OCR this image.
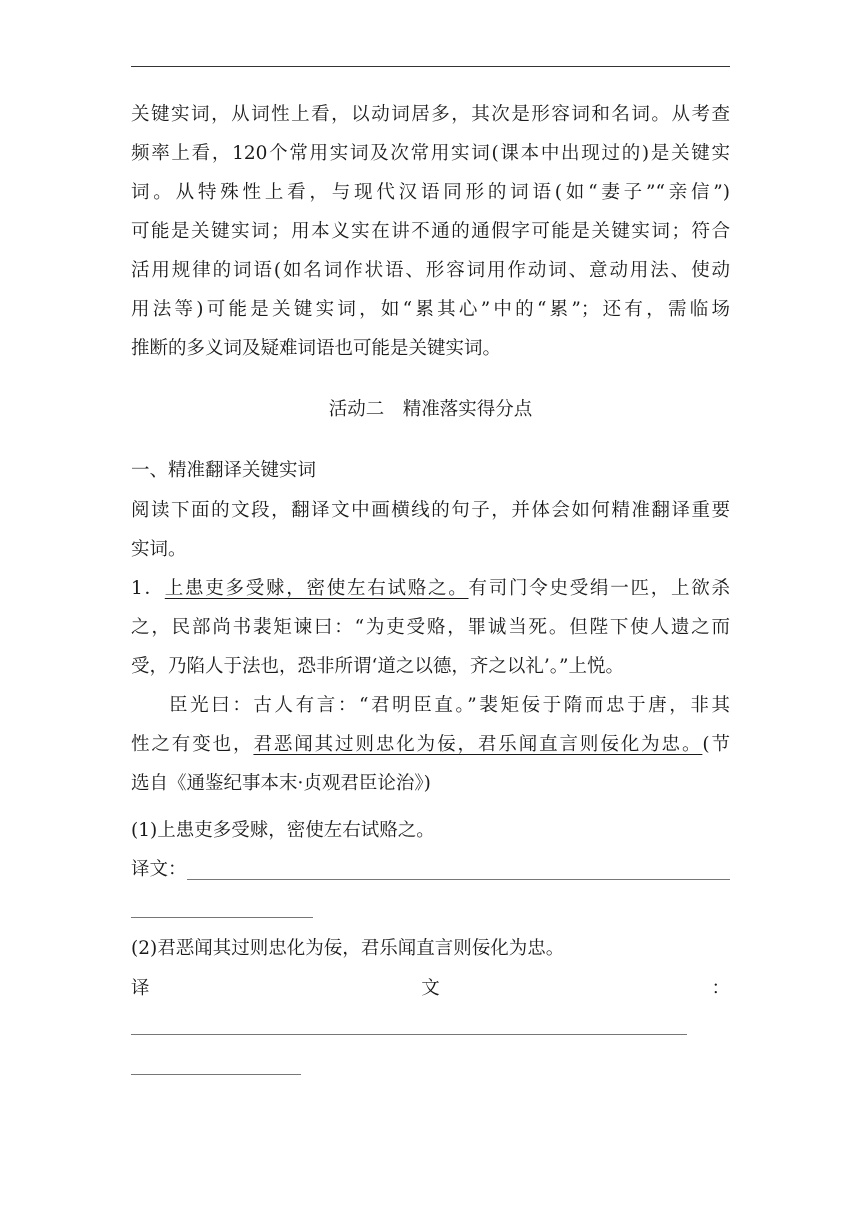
关键实词，从词性上看，以动词居多，其次是形容词和名词。从考查
频率上看，120个常用实词及次常用实词(课本中出现过的)是关键实
词。从特殊性上看，与现代汉语同形的词语(如“妻子”“亲信”)
可能是关键实词；用本义实在讲不通的通假字可能是关键实词；符合
活用规律的词语(如名词作状语、形容词用作动词、意动用法、使动
用法等)可能是关键实词，如“累其心”中的“累”；还有，需临场
推断的多义词及疑难词语也可能是关键实词。
活动二　精准落实得分点
一、精准翻译关键实词
阅读下面的文段，翻译文中画横线的句子，并体会如何精准翻译重要
实词。
1．上患吏多受赇，密使左右试赂之。有司门令史受绢一匹，上欲杀
之，民部尚书裴矩谏曰：“为吏受赂，罪诚当死。但陛下使人遗之而
受，乃陷人于法也，恐非所谓‘道之以德，齐之以礼’。”上悦。
臣光曰：古人有言：“君明臣直。”裴矩佞于隋而忠于唐，非其
性之有变也，君恶闻其过则忠化为佞，君乐闻直言则佞化为忠。(节
选自《通鉴纪事本末·贞观君臣论治》)
(1)上患吏多受赇，密使左右试赂之。
译文：
(2)君恶闻其过则忠化为佞，君乐闻直言则佞化为忠。
译	文	：
